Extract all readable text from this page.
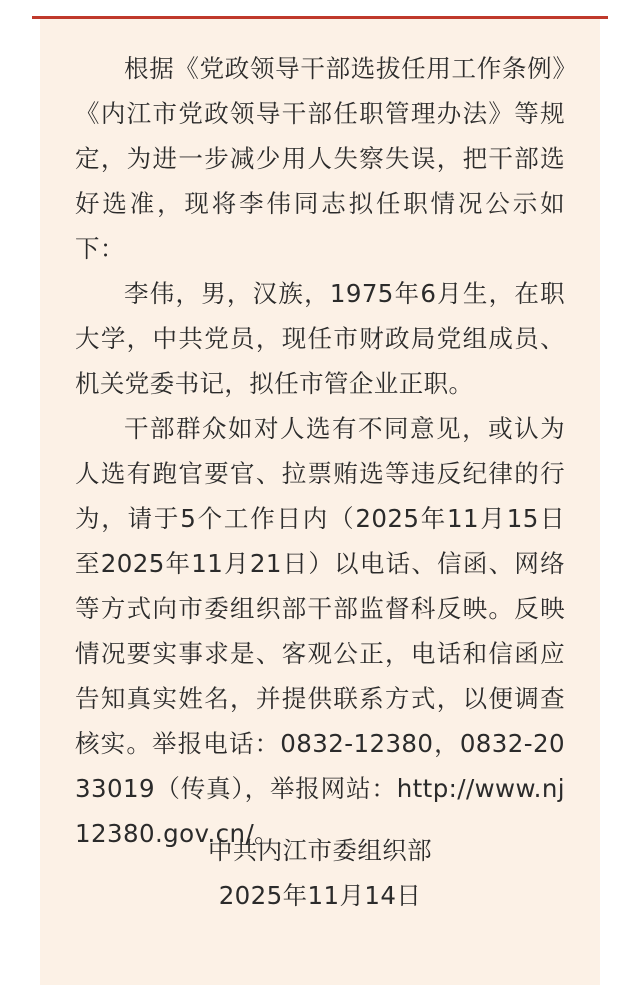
根据《党政领导干部选拔任用工作条例》《内江市党政领导干部任职管理办法》等规定，为进一步减少用人失察失误，把干部选好选准，现将李伟同志拟任职情况公示如下：

李伟，男，汉族，1975年6月生，在职大学，中共党员，现任市财政局党组成员、机关党委书记，拟任市管企业正职。

干部群众如对人选有不同意见，或认为人选有跑官要官、拉票贿选等违反纪律的行为，请于5个工作日内（2025年11月15日至2025年11月21日）以电话、信函、网络等方式向市委组织部干部监督科反映。反映情况要实事求是、客观公正，电话和信函应告知真实姓名，并提供联系方式，以便调查核实。举报电话：0832-12380，0832-2033019（传真），举报网站：http://www.nj12380.gov.cn/。

中共内江市委组织部
2025年11月14日
